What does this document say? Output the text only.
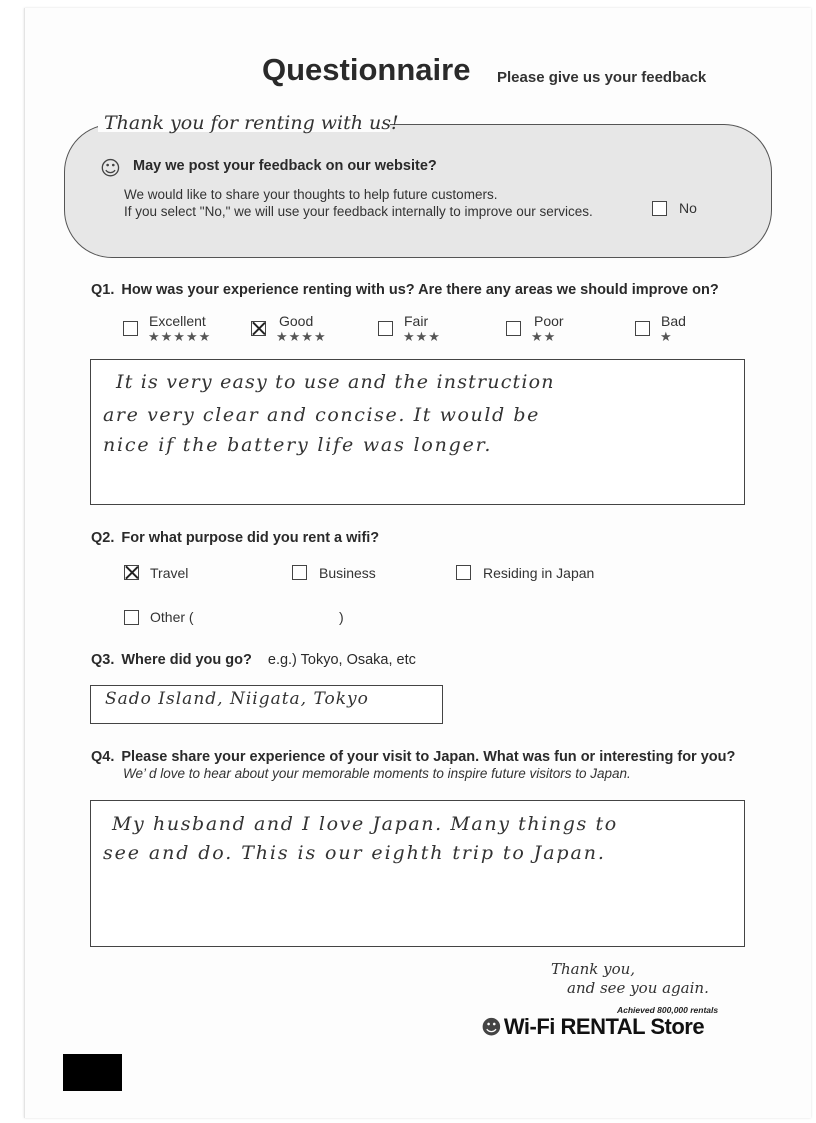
Questionnaire Please give us your feedback
Thank you for renting with us!
☺ May we post your feedback on our website?
We would like to share your thoughts to help future customers.
If you select "No," we will use your feedback internally to improve our services.	No
Q1. How was your experience renting with us? Are there any areas we should improve on?
Excellent
★★★★★
Good
★★★★
Fair
★★★
Poor
★★
Bad
★
It is very easy to use and the instruction
are very clear and concise. It would be
nice if the battery life was longer.
Q2. For what purpose did you rent a wifi?
Travel	Business	Residing in Japan
Other (	)
Q3. Where did you go? e.g.) Tokyo, Osaka, etc
Sado Island, Niigata, Tokyo
Q4. Please share your experience of your visit to Japan. What was fun or interesting for you?
We’ d love to hear about your memorable moments to inspire future visitors to Japan.
My husband and I love Japan. Many things to
see and do. This is our eighth trip to Japan.
Thank you,
and see you again.
Achieved 800,000 rentals
☻ Wi-Fi RENTAL Store
